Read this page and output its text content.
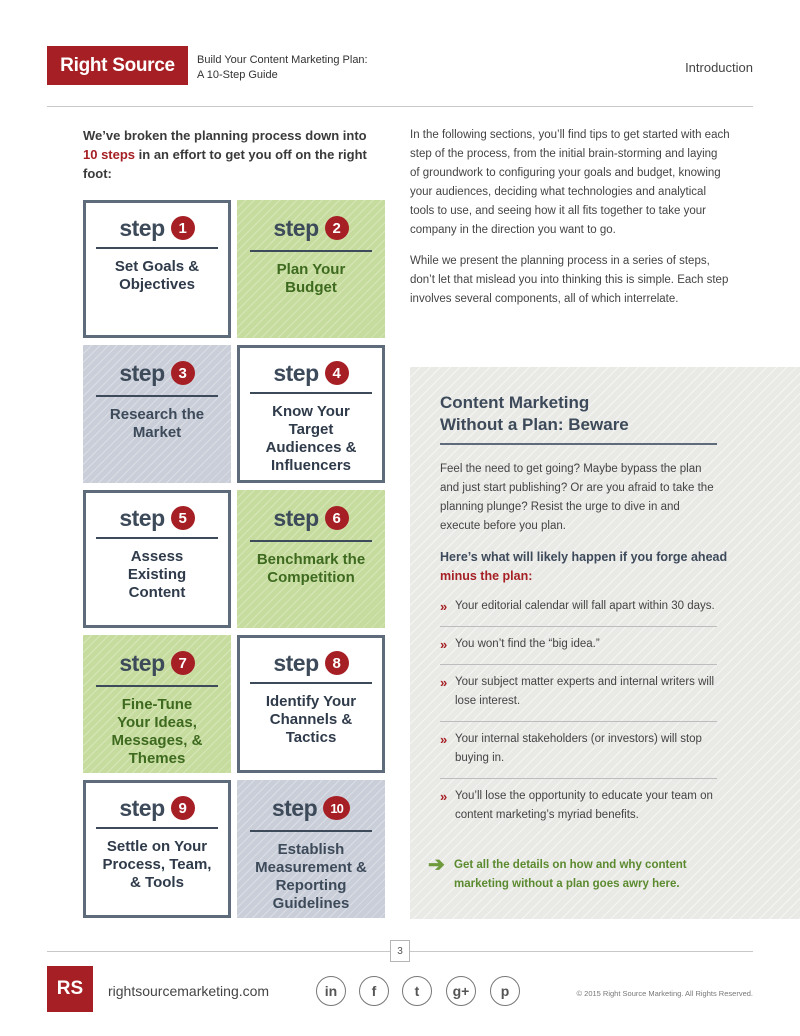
Right Source	Build Your Content Marketing Plan:
A 10-Step Guide	Introduction
We’ve broken the planning process down into 10 steps in an effort to get you off on the right foot:
step 1
Set Goals & Objectives
step 2
Plan Your Budget
step 3
Research the Market
step 4
Know Your Target Audiences & Influencers
step 5
Assess Existing Content
step 6
Benchmark the Competition
step 7
Fine-Tune Your Ideas, Messages, & Themes
step 8
Identify Your Channels & Tactics
step 9
Settle on Your Process, Team, & Tools
step	10
Establish Measurement & Reporting Guidelines

In the following sections, you’ll find tips to get started with each step of the process, from the initial brain-storming and laying of groundwork to configuring your goals and budget, knowing your audiences, deciding what technologies and analytical tools to use, and seeing how it all fits together to take your company in the direction you want to go.

While we present the planning process in a series of steps, don’t let that mislead you into thinking this is simple. Each step involves several components, all of which interrelate.

Content Marketing
Without a Plan: Beware
Feel the need to get going? Maybe bypass the plan and just start publishing? Or are you afraid to take the planning plunge? Resist the urge to dive in and execute before you plan.
Here’s what will likely happen if you forge ahead minus the plan:
» Your editorial calendar will fall apart within 30 days.
» You won’t find the “big idea.”
» Your subject matter experts and internal writers will lose interest.
» Your internal stakeholders (or investors) will stop buying in.
» You’ll lose the opportunity to educate your team on content marketing’s myriad benefits.
➔ Get all the details on how and why content marketing without a plan goes awry here.
3
RS	rightsourcemarketing.com	in	f	t	g+	p	© 2015 Right Source Marketing. All Rights Reserved.
